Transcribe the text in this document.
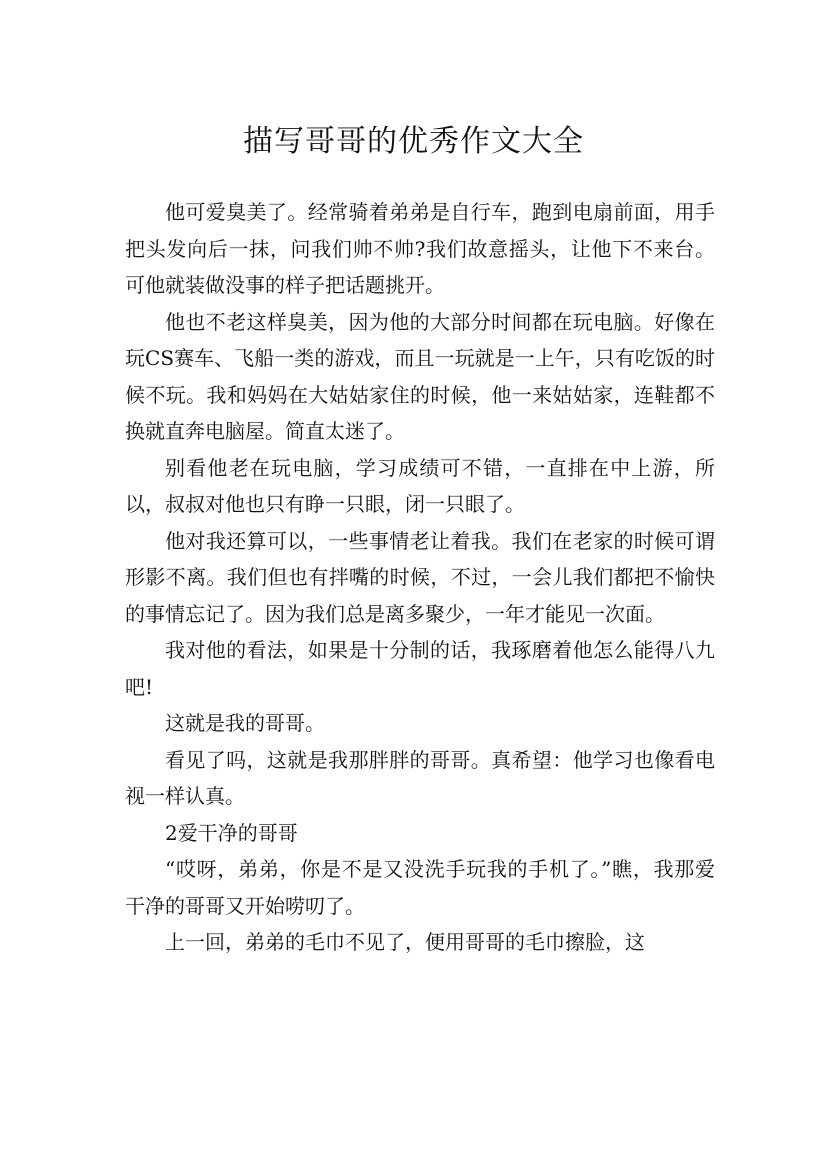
描写哥哥的优秀作文大全

他可爱臭美了。经常骑着弟弟是自行车，跑到电扇前面，用手把头发向后一抹，问我们帅不帅?我们故意摇头，让他下不来台。可他就装做没事的样子把话题挑开。

他也不老这样臭美，因为他的大部分时间都在玩电脑。好像在玩CS赛车、飞船一类的游戏，而且一玩就是一上午，只有吃饭的时候不玩。我和妈妈在大姑姑家住的时候，他一来姑姑家，连鞋都不换就直奔电脑屋。简直太迷了。

别看他老在玩电脑，学习成绩可不错，一直排在中上游，所以，叔叔对他也只有睁一只眼，闭一只眼了。

他对我还算可以，一些事情老让着我。我们在老家的时候可谓形影不离。我们但也有拌嘴的时候，不过，一会儿我们都把不愉快的事情忘记了。因为我们总是离多聚少，一年才能见一次面。

我对他的看法，如果是十分制的话，我琢磨着他怎么能得八九吧!

这就是我的哥哥。

看见了吗，这就是我那胖胖的哥哥。真希望：他学习也像看电视一样认真。

2爱干净的哥哥

“哎呀，弟弟，你是不是又没洗手玩我的手机了。”瞧，我那爱干净的哥哥又开始唠叨了。

上一回，弟弟的毛巾不见了，便用哥哥的毛巾擦脸，这
